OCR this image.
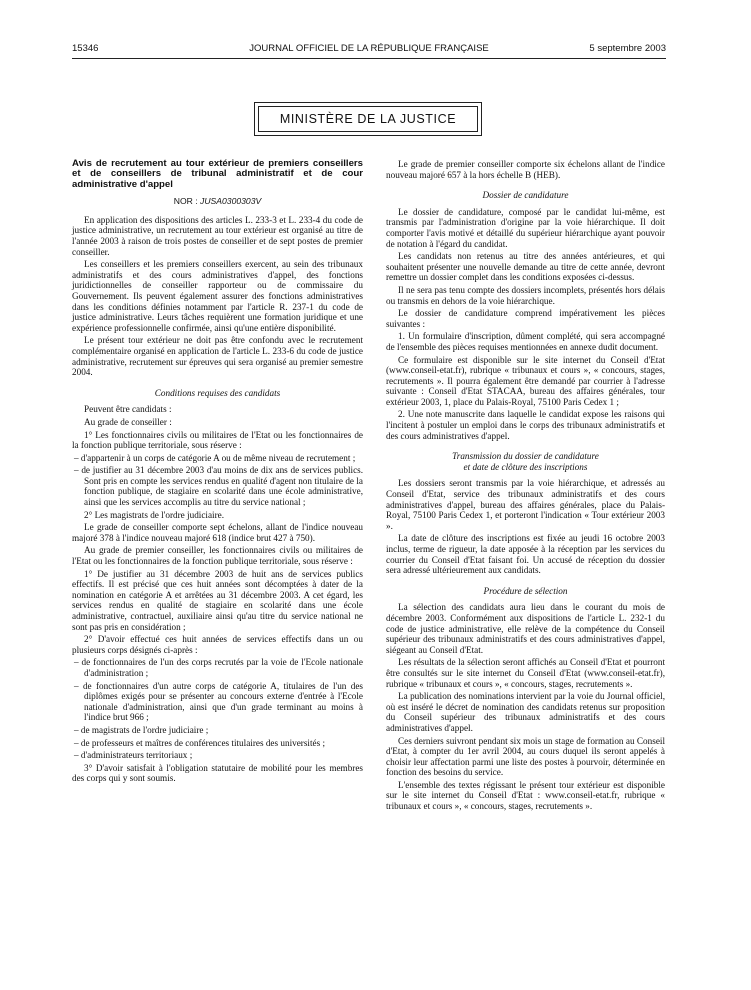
15346	JOURNAL OFFICIEL DE LA RÉPUBLIQUE FRANÇAISE	5 septembre 2003
MINISTÈRE DE LA JUSTICE
Avis de recrutement au tour extérieur de premiers conseillers et de conseillers de tribunal administratif et de cour administrative d'appel
NOR : JUSA0300303V

En application des dispositions des articles L. 233-3 et L. 233-4 du code de justice administrative, un recrutement au tour extérieur est organisé au titre de l'année 2003 à raison de trois postes de conseiller et de sept postes de premier conseiller.

Les conseillers et les premiers conseillers exercent, au sein des tribunaux administratifs et des cours administratives d'appel, des fonctions juridictionnelles de conseiller rapporteur ou de commissaire du Gouvernement. Ils peuvent également assurer des fonctions administratives dans les conditions définies notamment par l'article R. 237-1 du code de justice administrative. Leurs tâches requièrent une formation juridique et une expérience professionnelle confirmée, ainsi qu'une entière disponibilité.

Le présent tour extérieur ne doit pas être confondu avec le recrutement complémentaire organisé en application de l'article L. 233-6 du code de justice administrative, recrutement sur épreuves qui sera organisé au premier semestre 2004.

Conditions requises des candidats

Peuvent être candidats :

Au grade de conseiller :

1° Les fonctionnaires civils ou militaires de l'Etat ou les fonctionnaires de la fonction publique territoriale, sous réserve :

– d'appartenir à un corps de catégorie A ou de même niveau de recrutement ;

– de justifier au 31 décembre 2003 d'au moins de dix ans de services publics. Sont pris en compte les services rendus en qualité d'agent non titulaire de la fonction publique, de stagiaire en scolarité dans une école administrative, ainsi que les services accomplis au titre du service national ;

2° Les magistrats de l'ordre judiciaire.

Le grade de conseiller comporte sept échelons, allant de l'indice nouveau majoré 378 à l'indice nouveau majoré 618 (indice brut 427 à 750).

Au grade de premier conseiller, les fonctionnaires civils ou militaires de l'Etat ou les fonctionnaires de la fonction publique territoriale, sous réserve :

1° De justifier au 31 décembre 2003 de huit ans de services publics effectifs. Il est précisé que ces huit années sont décomptées à dater de la nomination en catégorie A et arrêtées au 31 décembre 2003. A cet égard, les services rendus en qualité de stagiaire en scolarité dans une école administrative, contractuel, auxiliaire ainsi qu'au titre du service national ne sont pas pris en considération ;

2° D'avoir effectué ces huit années de services effectifs dans un ou plusieurs corps désignés ci-après :

– de fonctionnaires de l'un des corps recrutés par la voie de l'Ecole nationale d'administration ;

– de fonctionnaires d'un autre corps de catégorie A, titulaires de l'un des diplômes exigés pour se présenter au concours externe d'entrée à l'Ecole nationale d'administration, ainsi que d'un grade terminant au moins à l'indice brut 966 ;

– de magistrats de l'ordre judiciaire ;

– de professeurs et maîtres de conférences titulaires des universités ;

– d'administrateurs territoriaux ;

3° D'avoir satisfait à l'obligation statutaire de mobilité pour les membres des corps qui y sont soumis.

Le grade de premier conseiller comporte six échelons allant de l'indice nouveau majoré 657 à la hors échelle B (HEB).

Dossier de candidature

Le dossier de candidature, composé par le candidat lui-même, est transmis par l'administration d'origine par la voie hiérarchique. Il doit comporter l'avis motivé et détaillé du supérieur hiérarchique ayant pouvoir de notation à l'égard du candidat.

Les candidats non retenus au titre des années antérieures, et qui souhaitent présenter une nouvelle demande au titre de cette année, devront remettre un dossier complet dans les conditions exposées ci-dessus.

Il ne sera pas tenu compte des dossiers incomplets, présentés hors délais ou transmis en dehors de la voie hiérarchique.

Le dossier de candidature comprend impérativement les pièces suivantes :

1. Un formulaire d'inscription, dûment complété, qui sera accompagné de l'ensemble des pièces requises mentionnées en annexe dudit document.

Ce formulaire est disponible sur le site internet du Conseil d'Etat (www.conseil-etat.fr), rubrique « tribunaux et cours », « concours, stages, recrutements ». Il pourra également être demandé par courrier à l'adresse suivante : Conseil d'Etat STACAA, bureau des affaires générales, tour extérieur 2003, 1, place du Palais-Royal, 75100 Paris Cedex 1 ;

2. Une note manuscrite dans laquelle le candidat expose les raisons qui l'incitent à postuler un emploi dans le corps des tribunaux administratifs et des cours administratives d'appel.

Transmission du dossier de candidature
et date de clôture des inscriptions

Les dossiers seront transmis par la voie hiérarchique, et adressés au Conseil d'Etat, service des tribunaux administratifs et des cours administratives d'appel, bureau des affaires générales, place du Palais-Royal, 75100 Paris Cedex 1, et porteront l'indication « Tour extérieur 2003 ».

La date de clôture des inscriptions est fixée au jeudi 16 octobre 2003 inclus, terme de rigueur, la date apposée à la réception par les services du courrier du Conseil d'Etat faisant foi. Un accusé de réception du dossier sera adressé ultérieurement aux candidats.

Procédure de sélection

La sélection des candidats aura lieu dans le courant du mois de décembre 2003. Conformément aux dispositions de l'article L. 232-1 du code de justice administrative, elle relève de la compétence du Conseil supérieur des tribunaux administratifs et des cours administratives d'appel, siégeant au Conseil d'Etat.

Les résultats de la sélection seront affichés au Conseil d'Etat et pourront être consultés sur le site internet du Conseil d'Etat (www.conseil-etat.fr), rubrique « tribunaux et cours », « concours, stages, recrutements ».

La publication des nominations intervient par la voie du Journal officiel, où est inséré le décret de nomination des candidats retenus sur proposition du Conseil supérieur des tribunaux administratifs et des cours administratives d'appel.

Ces derniers suivront pendant six mois un stage de formation au Conseil d'Etat, à compter du 1er avril 2004, au cours duquel ils seront appelés à choisir leur affectation parmi une liste des postes à pourvoir, déterminée en fonction des besoins du service.

L'ensemble des textes régissant le présent tour extérieur est disponible sur le site internet du Conseil d'Etat : www.conseil-etat.fr, rubrique « tribunaux et cours », « concours, stages, recrutements ».
